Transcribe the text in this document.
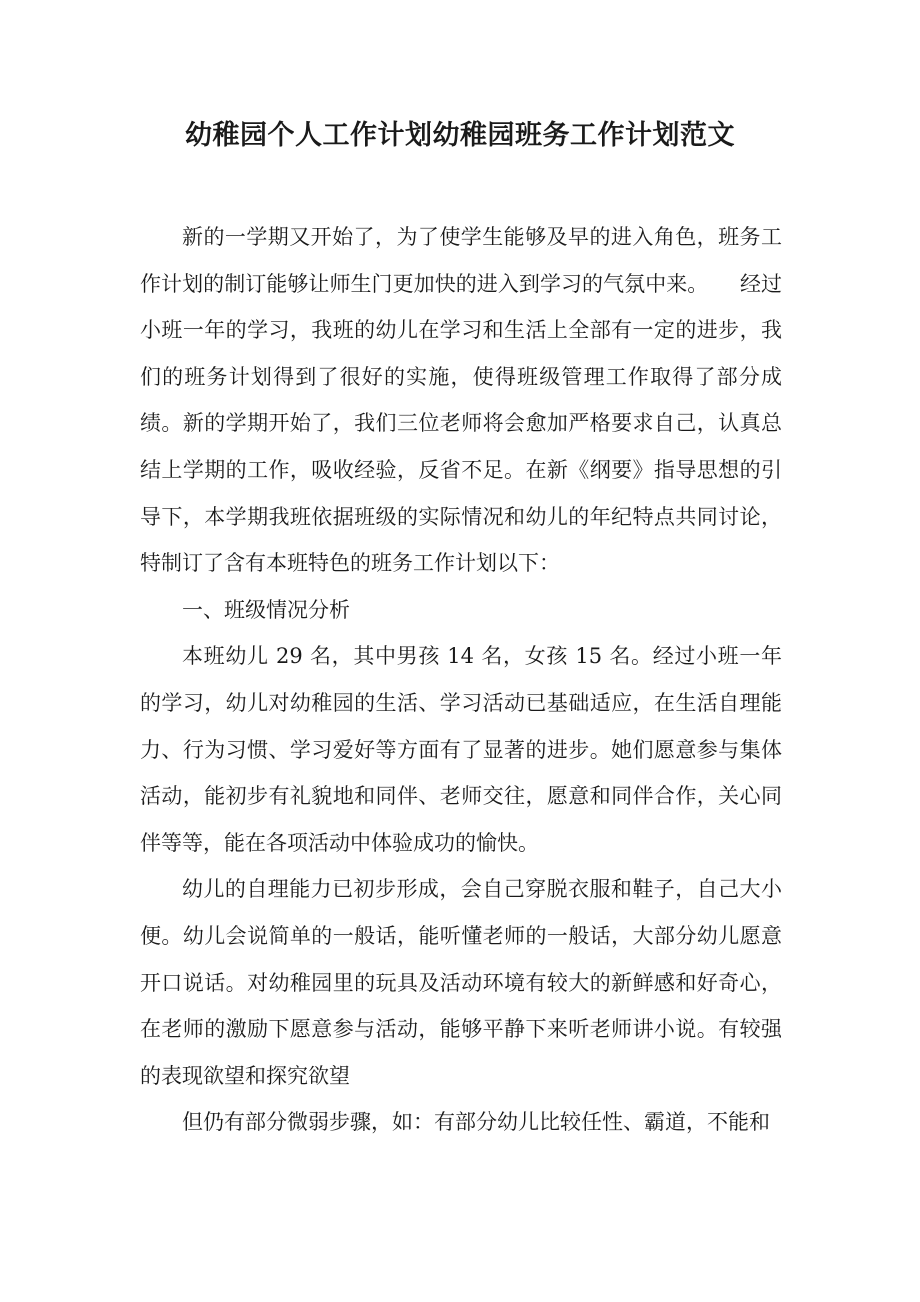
幼稚园个人工作计划幼稚园班务工作计划范文

新的一学期又开始了，为了使学生能够及早的进入角色，班务工作计划的制订能够让师生门更加快的进入到学习的气氛中来。　　经过小班一年的学习，我班的幼儿在学习和生活上全部有一定的进步，我们的班务计划得到了很好的实施，使得班级管理工作取得了部分成绩。新的学期开始了，我们三位老师将会愈加严格要求自己，认真总结上学期的工作，吸收经验，反省不足。在新《纲要》指导思想的引导下，本学期我班依据班级的实际情况和幼儿的年纪特点共同讨论，特制订了含有本班特色的班务工作计划以下：

一、班级情况分析

本班幼儿 29 名，其中男孩 14 名，女孩 15 名。经过小班一年的学习，幼儿对幼稚园的生活、学习活动已基础适应，在生活自理能力、行为习惯、学习爱好等方面有了显著的进步。她们愿意参与集体活动，能初步有礼貌地和同伴、老师交往，愿意和同伴合作，关心同伴等等，能在各项活动中体验成功的愉快。

幼儿的自理能力已初步形成，会自己穿脱衣服和鞋子，自己大小便。幼儿会说简单的一般话，能听懂老师的一般话，大部分幼儿愿意开口说话。对幼稚园里的玩具及活动环境有较大的新鲜感和好奇心，在老师的激励下愿意参与活动，能够平静下来听老师讲小说。有较强的表现欲望和探究欲望

但仍有部分微弱步骤，如：有部分幼儿比较任性、霸道，不能和
